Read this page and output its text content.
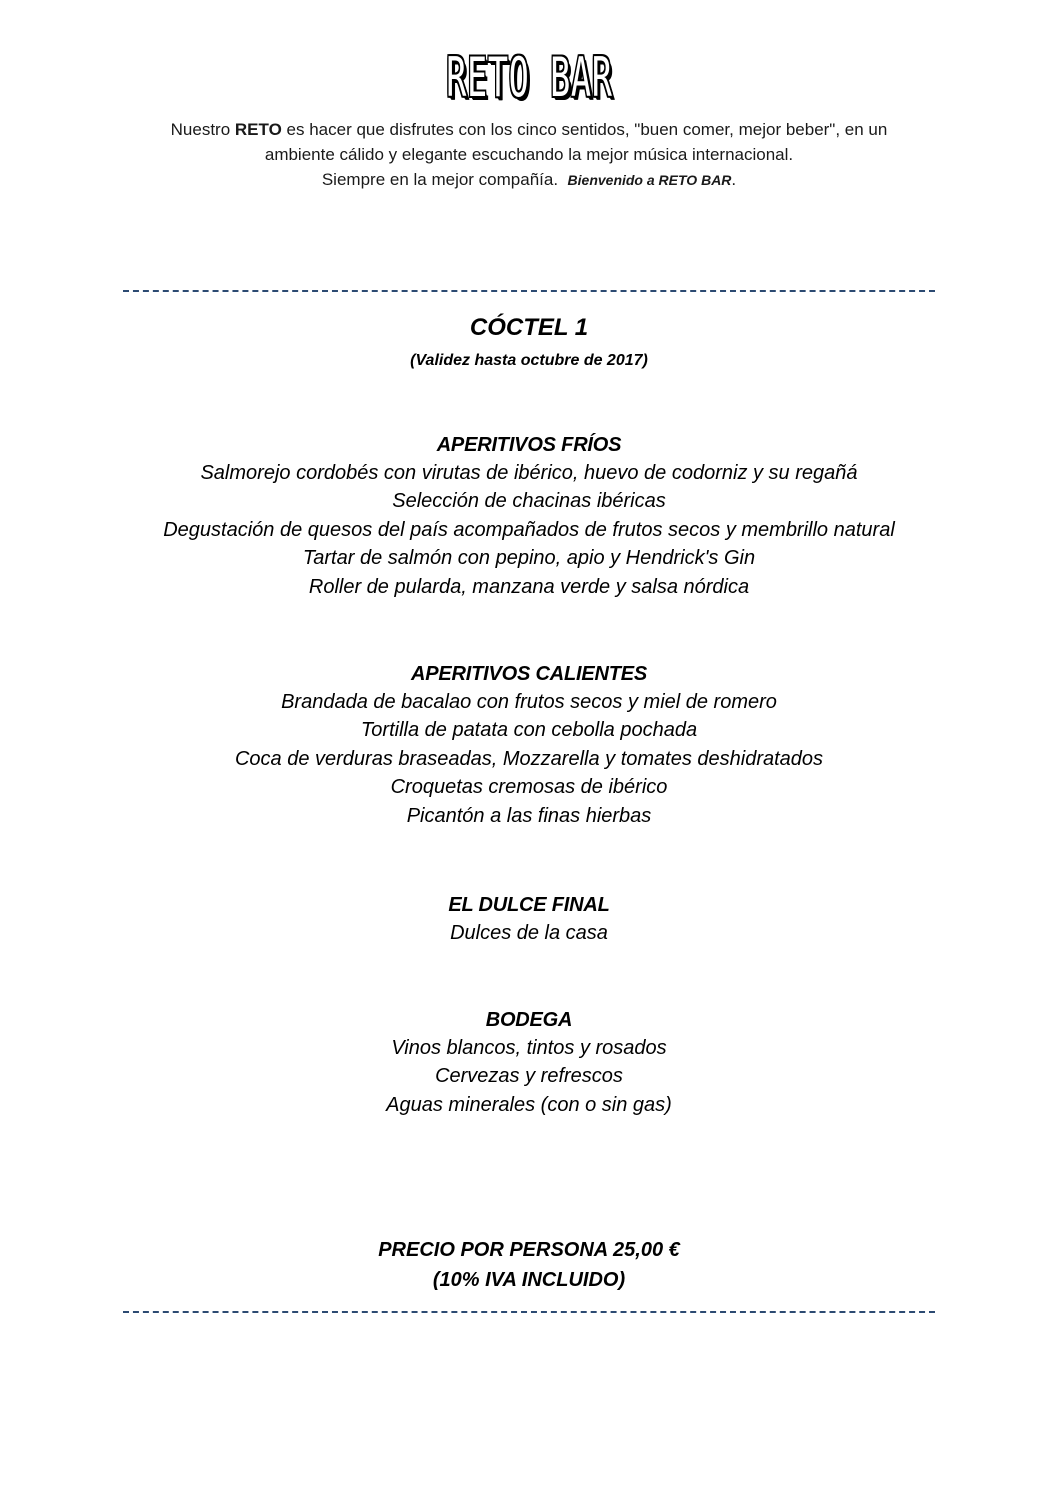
RETO BAR
Nuestro RETO es hacer que disfrutes con los cinco sentidos, "buen comer, mejor beber", en un
ambiente cálido y elegante escuchando la mejor música internacional.
Siempre en la mejor compañía. Bienvenido a RETO BAR.
CÓCTEL 1
(Validez hasta octubre de 2017)
APERITIVOS FRÍOS
Salmorejo cordobés con virutas de ibérico, huevo de codorniz y su regañá
Selección de chacinas ibéricas
Degustación de quesos del país acompañados de frutos secos y membrillo natural
Tartar de salmón con pepino, apio y Hendrick's Gin
Roller de pularda, manzana verde y salsa nórdica
APERITIVOS CALIENTES
Brandada de bacalao con frutos secos y miel de romero
Tortilla de patata con cebolla pochada
Coca de verduras braseadas, Mozzarella y tomates deshidratados
Croquetas cremosas de ibérico
Picantón a las finas hierbas
EL DULCE FINAL
Dulces de la casa
BODEGA
Vinos blancos, tintos y rosados
Cervezas y refrescos
Aguas minerales (con o sin gas)
PRECIO POR PERSONA 25,00 €
(10% IVA INCLUIDO)
